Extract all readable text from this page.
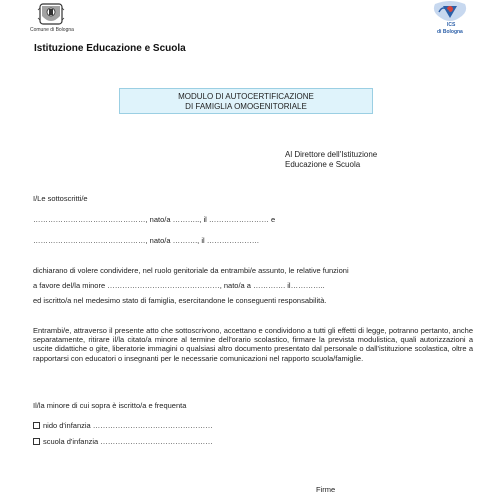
Comune di Bologna
Istituzione Educazione e Scuola
ICS
di Bologna
MODULO DI AUTOCERTIFICAZIONE
DI FAMIGLIA OMOGENITORIALE
Al Direttore dell'Istituzione
Educazione e Scuola
I/Le sottoscritti/e
………………………………………, nato/a ……….., il …………………… e
………………………………………, nato/a ………., il …………………
dichiarano di volere condividere, nel ruolo genitoriale da entrambi/e assunto, le relative funzioni
a favore del/la minore ………………………………………, nato/a a …………. il…………..
ed iscritto/a nel medesimo stato di famiglia, esercitandone le conseguenti responsabilità.
Entrambi/e, attraverso il presente atto che sottoscrivono, accettano e condividono a tutti gli effetti di legge, potranno pertanto, anche separatamente, ritirare il/la citato/a minore al termine dell'orario scolastico, firmare la prevista modulistica, quali autorizzazioni a uscite didattiche o gite, liberatorie immagini o qualsiasi altro documento presentato dal personale o dall'istituzione scolastica, oltre a rapportarsi con educatori o insegnanti per le necessarie comunicazioni nel rapporto scuola/famiglie.
Il/la minore di cui sopra è iscritto/a e frequenta
nido d'infanzia …………………………………………
scuola d'infanzia ………………………………………
Firme
